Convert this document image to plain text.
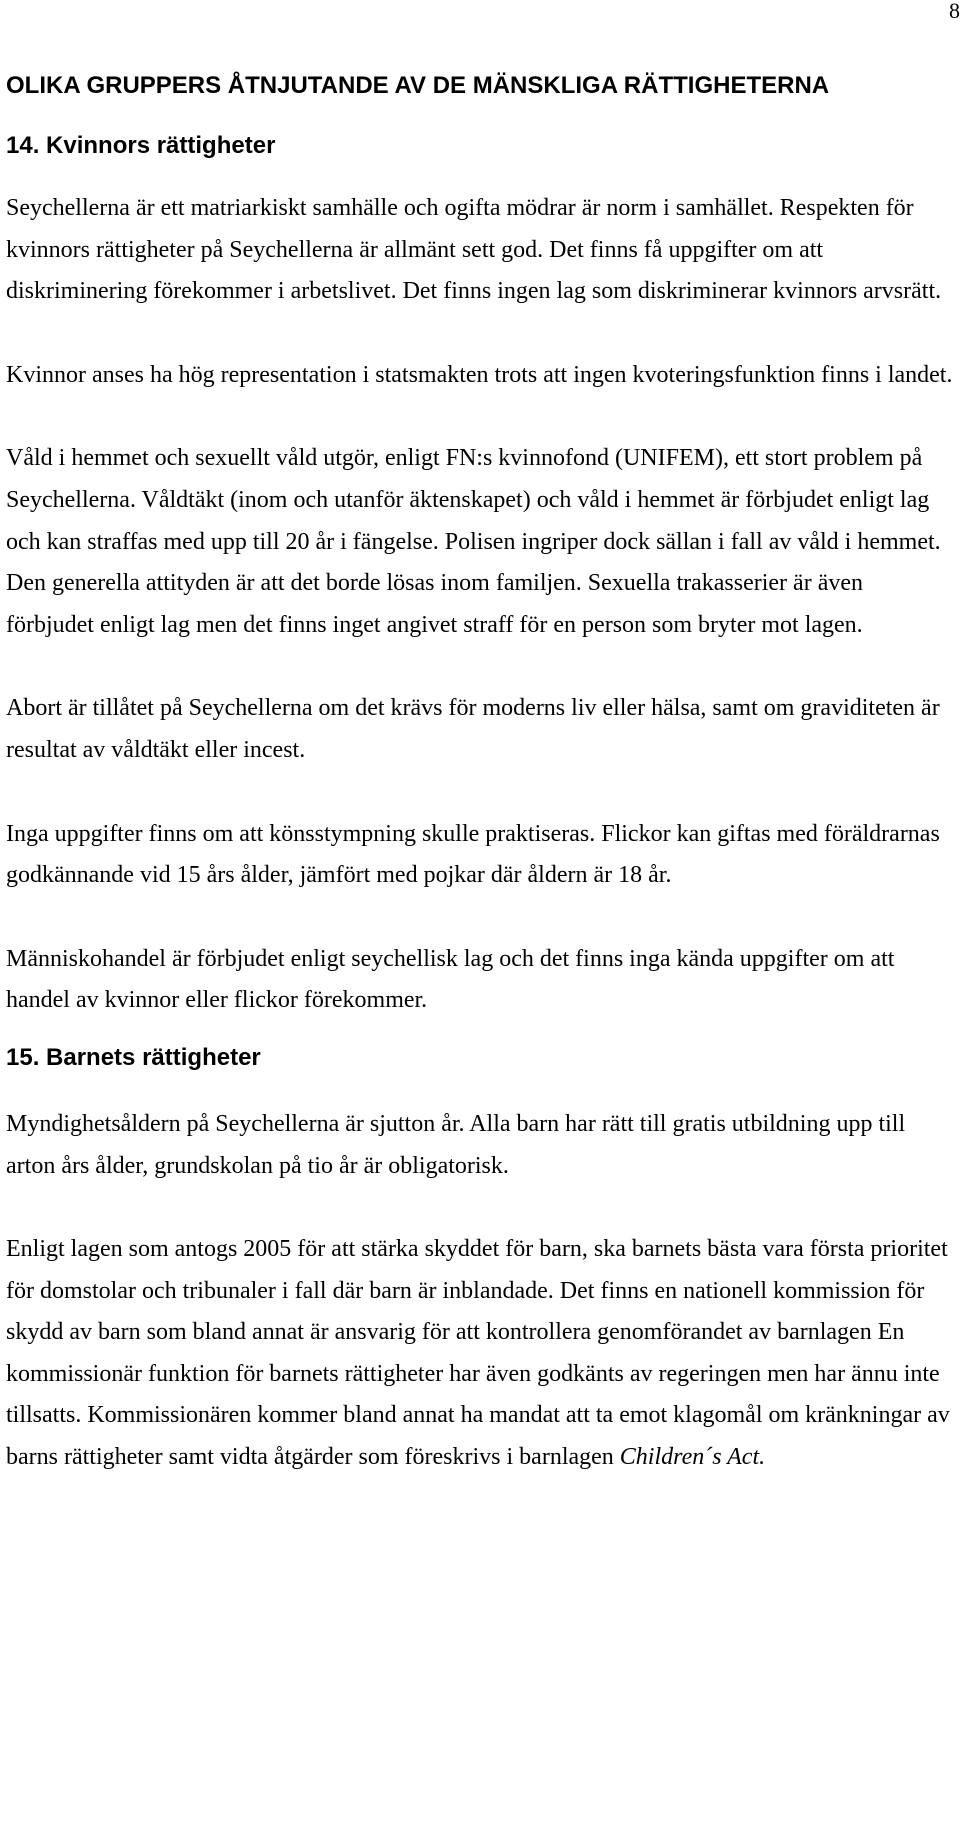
8
OLIKA GRUPPERS ÅTNJUTANDE AV DE MÄNSKLIGA RÄTTIGHETERNA
14. Kvinnors rättigheter

Seychellerna är ett matriarkiskt samhälle och ogifta mödrar är norm i samhället. Respekten för kvinnors rättigheter på Seychellerna är allmänt sett god. Det finns få uppgifter om att diskriminering förekommer i arbetslivet. Det finns ingen lag som diskriminerar kvinnors arvsrätt.

Kvinnor anses ha hög representation i statsmakten trots att ingen kvoteringsfunktion finns i landet.

Våld i hemmet och sexuellt våld utgör, enligt FN:s kvinnofond (UNIFEM), ett stort problem på Seychellerna. Våldtäkt (inom och utanför äktenskapet) och våld i hemmet är förbjudet enligt lag och kan straffas med upp till 20 år i fängelse. Polisen ingriper dock sällan i fall av våld i hemmet. Den generella attityden är att det borde lösas inom familjen. Sexuella trakasserier är även förbjudet enligt lag men det finns inget angivet straff för en person som bryter mot lagen.

Abort är tillåtet på Seychellerna om det krävs för moderns liv eller hälsa, samt om graviditeten är resultat av våldtäkt eller incest.

Inga uppgifter finns om att könsstympning skulle praktiseras. Flickor kan giftas med föräldrarnas godkännande vid 15 års ålder, jämfört med pojkar där åldern är 18 år.

Människohandel är förbjudet enligt seychellisk lag och det finns inga kända uppgifter om att handel av kvinnor eller flickor förekommer.

15. Barnets rättigheter

Myndighetsåldern på Seychellerna är sjutton år. Alla barn har rätt till gratis utbildning upp till arton års ålder, grundskolan på tio år är obligatorisk.

Enligt lagen som antogs 2005 för att stärka skyddet för barn, ska barnets bästa vara första prioritet för domstolar och tribunaler i fall där barn är inblandade. Det finns en nationell kommission för skydd av barn som bland annat är ansvarig för att kontrollera genomförandet av barnlagen En kommissionär funktion för barnets rättigheter har även godkänts av regeringen men har ännu inte tillsatts. Kommissionären kommer bland annat ha mandat att ta emot klagomål om kränkningar av barns rättigheter samt vidta åtgärder som föreskrivs i barnlagen Children´s Act.
